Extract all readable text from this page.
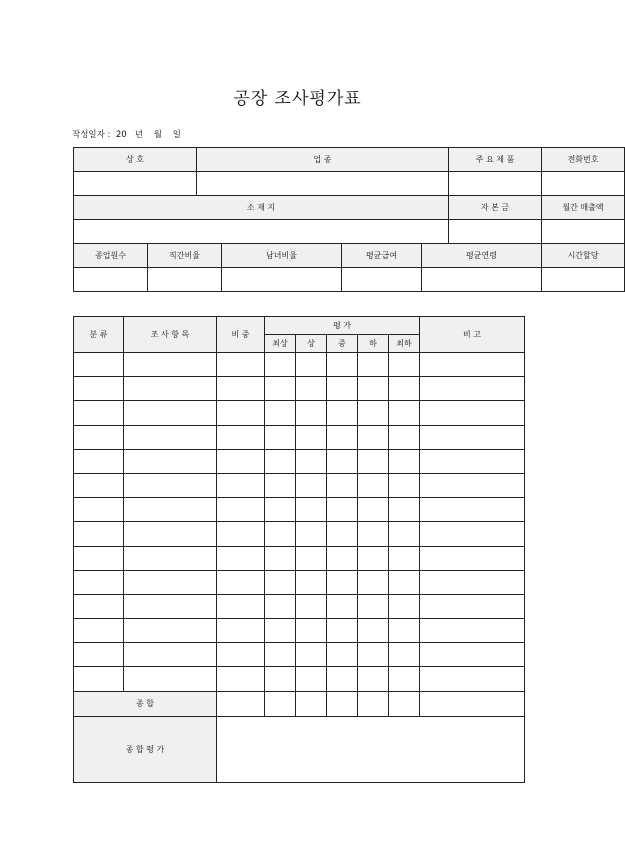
공장 조사평가표
작성일자 :  20   년    월    일
상 호		업 종				주 요 제 품	전화번호

소 재 지						자 본 금	월간 매출액

종업원수	직간비율		남녀비율	평균급여	평균연령		시간할당

분 류	조 사 항 목	비 중	평 가					비 고
			최상	상	중	하	최하	

종 합								
종 합 평 가								
